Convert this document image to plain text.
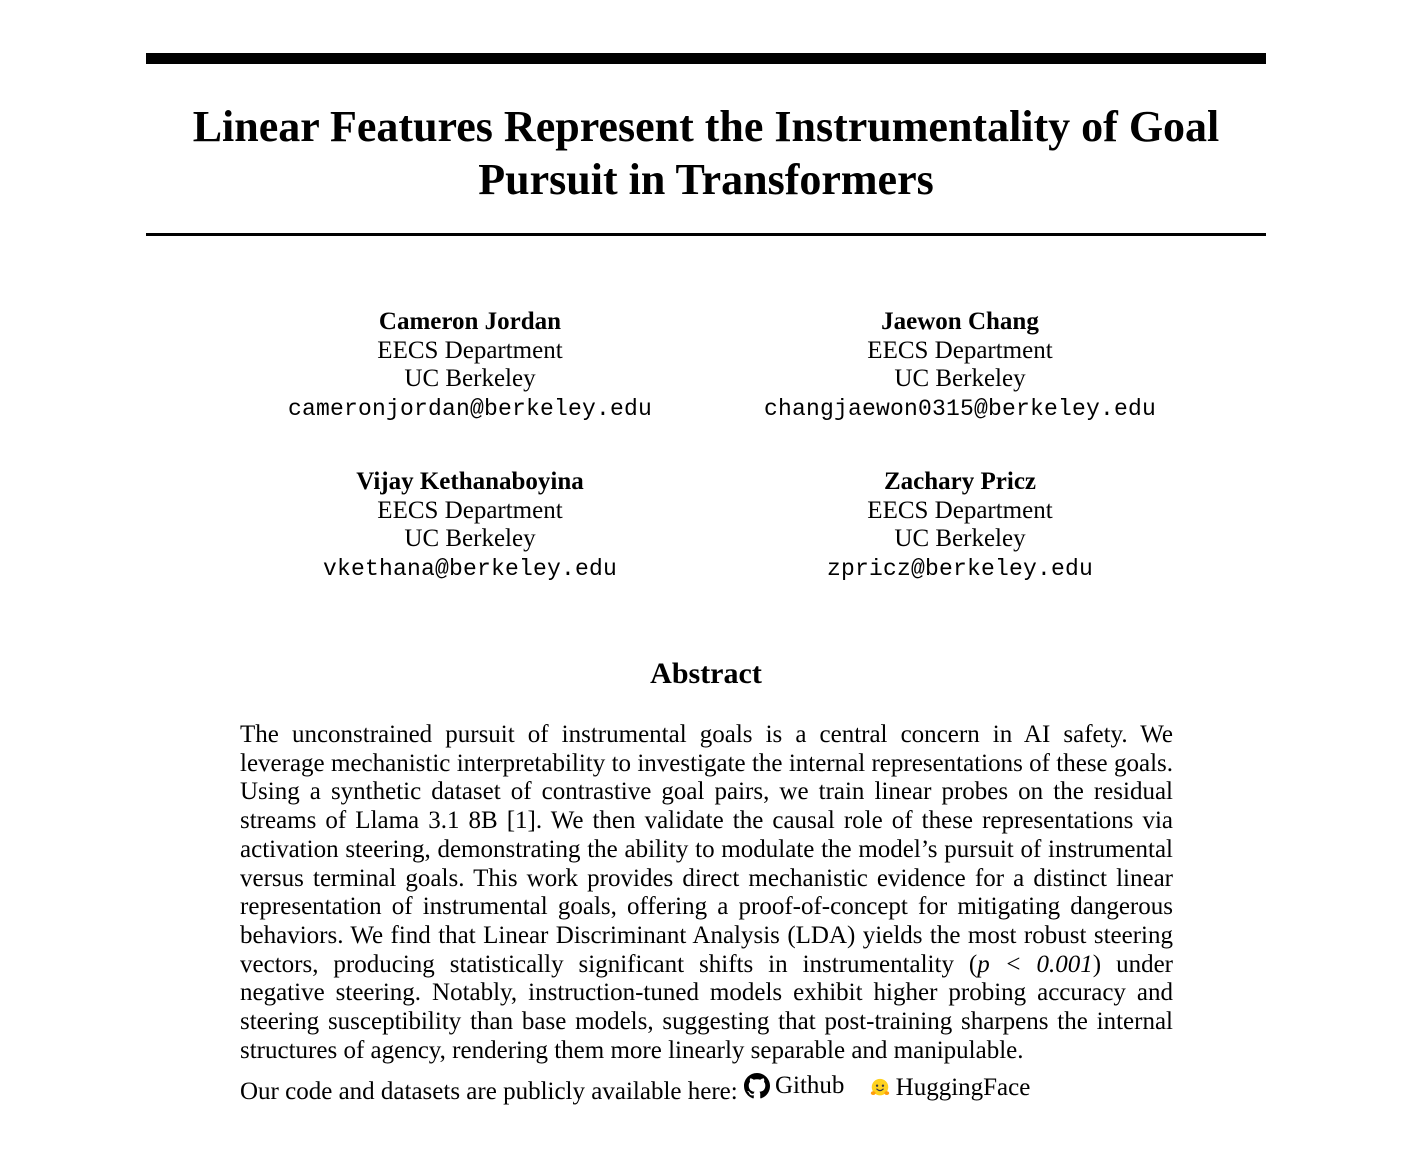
Linear Features Represent the Instrumentality of Goal Pursuit in Transformers
Cameron Jordan
EECS Department
UC Berkeley
cameronjordan@berkeley.edu
Jaewon Chang
EECS Department
UC Berkeley
changjaewon0315@berkeley.edu
Vijay Kethanaboyina
EECS Department
UC Berkeley
vkethana@berkeley.edu
Zachary Pricz
EECS Department
UC Berkeley
zpricz@berkeley.edu
Abstract

The unconstrained pursuit of instrumental goals is a central concern in AI safety. We leverage mechanistic interpretability to investigate the internal representations of these goals. Using a synthetic dataset of contrastive goal pairs, we train linear probes on the residual streams of Llama 3.1 8B [1]. We then validate the causal role of these representations via activation steering, demonstrating the ability to modulate the model’s pursuit of instrumental versus terminal goals. This work provides direct mechanistic evidence for a distinct linear representation of instrumental goals, offering a proof-of-concept for mitigating dangerous behaviors. We find that Linear Discriminant Analysis (LDA) yields the most robust steering vectors, producing statistically significant shifts in instrumentality (p < 0.001) under negative steering. Notably, instruction-tuned models exhibit higher probing accuracy and steering susceptibility than base models, suggesting that post-training sharpens the internal structures of agency, rendering them more linearly separable and manipulable.

Our code and datasets are publicly available here: Github
HuggingFace
